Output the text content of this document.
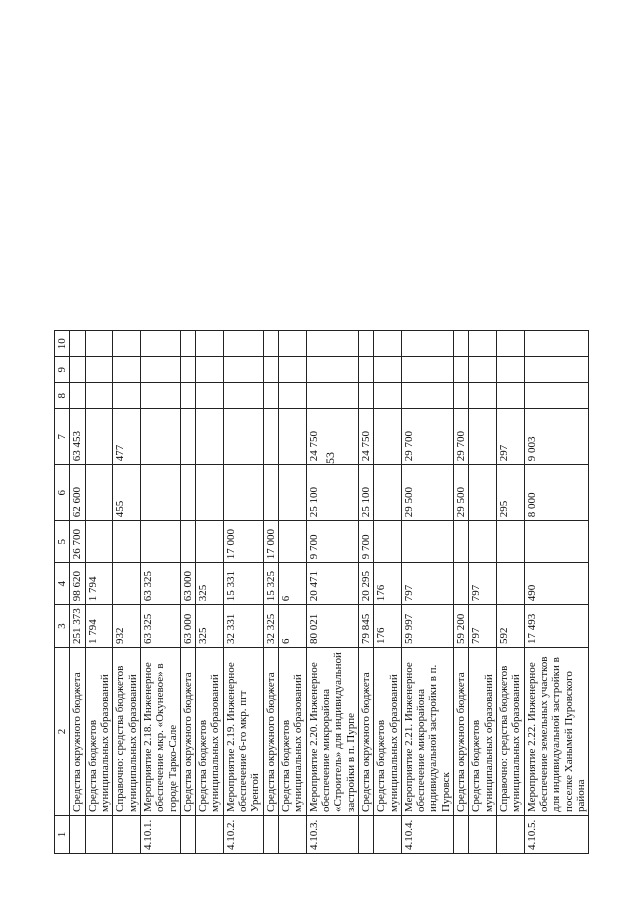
53
1	2	3	4	5	6	7	8	9	10
	Средства окружного бюджета	251 373	98 620	26 700	62 600	63 453			
	Средства бюджетов муниципальных образований	1 794	1 794						
	Справочно: средства бюджетов муниципальных образований	932			455	477			
4.10.1.	Мероприятие 2.18. Инженерное обеспечение мкр. «Окуневое» в городе Тарко-Сале	63 325	63 325						
	Средства окружного бюджета	63 000	63 000						
	Средства бюджетов муниципальных образований	325	325						
4.10.2.	Мероприятие 2.19. Инженерное обеспечение 6-го мкр. пгт Уренгой	32 331	15 331	17 000					
	Средства окружного бюджета	32 325	15 325	17 000					
	Средства бюджетов муниципальных образований	6	6						
4.10.3.	Мероприятие 2.20. Инженерное обеспечение микрорайона «Строитель» для индивидуальной застройки в п. Пурпе	80 021	20 471	9 700	25 100	24 750			
	Средства окружного бюджета	79 845	20 295	9 700	25 100	24 750			
	Средства бюджетов муниципальных образований	176	176						
4.10.4.	Мероприятие 2.21. Инженерное обеспечение микрорайона индивидуальной застройки в п. Пуровск	59 997	797		29 500	29 700			
	Средства окружного бюджета	59 200			29 500	29 700			
	Средства бюджетов муниципальных образований	797	797						
	Справочно: средства бюджетов муниципальных образований	592			295	297			
4.10.5.	Мероприятие 2.22. Инженерное обеспечение земельных участков для индивидуальной застройки в поселке Ханымей Пуровского района	17 493	490		8 000	9 003			
